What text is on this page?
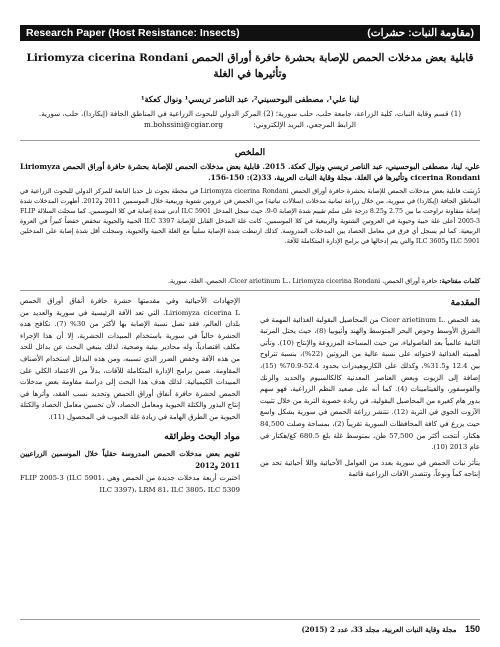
Research Paper (Host Resistance: Insects)	(مقاومة النبات: حشرات)
قابلية بعض مدخلات الحمص للإصابة بحشرة حافرة أوراق الحمص Liriomyza cicerina Rondani
وتأثيرها في الغلة
لينا علي¹، مصطفى البوحسيني²، عبد الناصر تريسي¹ ونوال كعكة¹
(1) قسم وقاية النبات، كلية الزراعة، جامعة حلب، حلب سورية؛ (2) المركز الدولي للبحوث الزراعية في المناطق الجافة (إيكاردا)، حلب، سورية.
الرابط المرجعي، البريد الإلكتروني: m.bohssini@cgiar.org
الملخص
علي، لينا، مصطفى البوحسيني، عبد الناصر تريسي ونوال كعكة. 2015. قابلية بعض مدخلات الحمص للإصابة بحشرة حافرة أوراق الحمص Liriomyza cicerina Rondani وتأثيرها في الغلة. مجلة وقاية النبات العربية، 33(2): 150-156.
دُرِسَت قابلية بعض مدخلات الحمص للإصابة بحشرة حافرة أوراق الحمص Liriomyza cicerina Rondani في محطة بحوث تل حديا التابعة للمركز الدولي للبحوث الزراعية في المناطق الجافة (إيكاردا) في سورية، من خلال زراعة ثمانية مدخلات (سلالات نباتية) من الحمص في عروتين شتوية وربيعية خلال الموسمين 2011 و2012. أظهرت المدخلات شدة إصابة متفاوتة تراوحت ما بين 2.75 و8.25 درجة على سلم تقييم شدة الإصابة 0-9، حيث سجل المدخل ILC 5901 أدنى شدة إصابة في كلا الموسمين. كما سجلت السلالة FLIP 2005-3 أعلى غلة حبية وحيوية في العروتين الشتوية والربيعية في كلا الموسمين. كانت غلة المدخل القابل للإصابة ILC 3397 الحبية والحيوية تنخفض خفضاً كبيراً في العروة الربيعية. كما لم يسجل أي فرق في معامل الحصاد بين المدخلات المدروسة. كذلك ارتبطت شدة الإصابة سلبياً مع الغلة الحبية والحيوية، وسجلت أقل شدة إصابة على المدخلين ILC 5901 وILC 3605 والتي يتم إدخالها في برامج الإدارة المتكاملة للآفة.
كلمات مفتاحية: حافرة أوراق الحمص، Cicer arietinum L.، Liriomyza cicerina Rondani، الحمص، الغلة، سورية.
المقدمة
يعد الحمص .Cicer arietinum L من المحاصيل البقولية الغذائية المهمة في الشرق الأوسط وحوض البحر المتوسط والهند وأثيوبيا (8)، حيث يحتل المرتبة الثانية عالمياً بعد الفاصولياء، من حيث المساحة المزروعة والإنتاج (10). وتأتي أهميته الغذائية لاحتوائه على نسبة عالية من البروتين (22%)، بنسبة تتراوح بين 12.4 و31.5%، وكذلك على الكاربوهيدرات بحدود 52.4-70.9% (15)، إضافة إلى الزيوت وبعض العناصر المعدنية كالكالسيوم والحديد والزنك والفوسفور، والفيتامينات (4). كما أنه على صعيد النظم الزراعية، فهو سهم بدور هام كغيره من المحاصيل البقولية، في زيادة خصوبة التربة من خلال تثبيت الآزوت الجوي في التربة (12). تنتشر زراعة الحمص في سورية بشكل واسع حيث يزرع في كافة المحافظات السورية تقريباً (2)، بمساحة وصلت 84,500 هكتار، أنتجت أكثر من 57,500 طن، بمتوسط غلة بلغ 680.5 كغ/هكتار في عام 2013 (10).
يتأثر نبات الحمص في سورية بعدد من العوامل الأحيائية واللا أحيائية تحد من إنتاجه كماً ونوعاً، وتتصدر الآفات الزراعية قائمة
الإجهادات الأحيائية وفي مقدمتها حشرة حافرة أنفاق أوراق الحمص Liriomyza cicerina L. التي تعد الآفة الرئيسية في سورية والعديد من بلدان العالم، فقد تصل نسبة الإصابة بها لأكثر من 30% (7). تكافح هذه الحشرة حالياً في سورية باستخدام المبيدات الحشرية، إلا أن هذا الإجراء مكلف اقتصادياً، وله محاذير بيئية وصحية، لذلك ينبغي البحث عن بدائل للحد من هذه الآفة وخفض الضرر الذي تسببه، ومن هذه البدائل استخدام الأصناف المقاومة. ضمن برامج الإدارة المتكاملة للآفات، بدلاً من الاعتماد الكلي على المبيدات الكيميائية. لذلك هدف هذا البحث إلى دراسة مقاومة بعض مدخلات الحمص لحشرة حافرة أنفاق أوراق الحمص وتحديد نسب الفقد، وأثرها في إنتاج البذور والكتلة الحيوية ومعامل الحصاد، لأن تحسين معامل الحصاد والكتلة الحيوية من الطرق الهامة في زيادة غلة الحبوب في المحصول (11).
مواد البحث وطرائقه
تقويم بعض مدخلات الحمص المدروسة حقلياً خلال الموسمين الزراعيين 2011 و2012
اختبرت أربعة مدخلات جديدة من الحمص وهي FLIP 2005-3 (ILC 5901، ILC 3397)، LRM 81، ILC 3805، ILC 5309
150 مجلة وقاية النبات العربية، مجلد 33، عدد 2 (2015)
